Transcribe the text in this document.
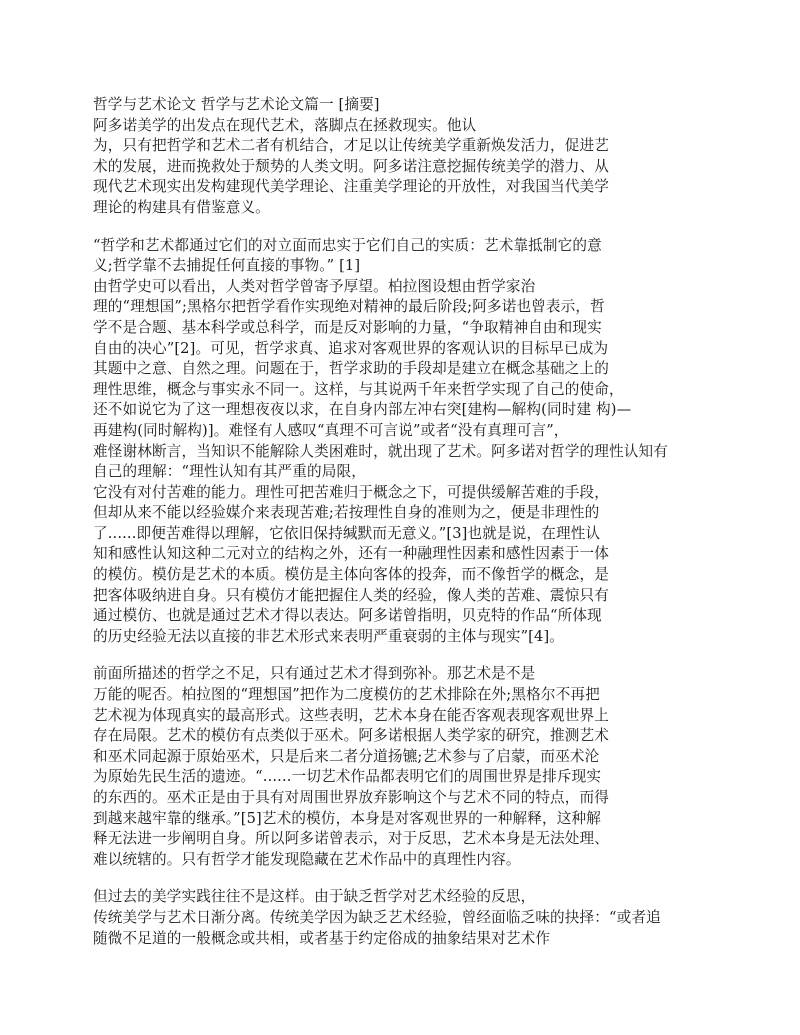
哲学与艺术论文 哲学与艺术论文篇一 [摘要]
阿多诺美学的出发点在现代艺术，落脚点在拯救现实。他认
为，只有把哲学和艺术二者有机结合，才足以让传统美学重新焕发活力，促进艺
术的发展，进而挽救处于颓势的人类文明。阿多诺注意挖掘传统美学的潜力、从
现代艺术现实出发构建现代美学理论、注重美学理论的开放性，对我国当代美学
理论的构建具有借鉴意义。
“哲学和艺术都通过它们的对立面而忠实于它们自己的实质：艺术靠抵制它的意
义;哲学靠不去捕捉任何直接的事物。” [1]
由哲学史可以看出，人类对哲学曾寄予厚望。柏拉图设想由哲学家治
理的“理想国”;黑格尔把哲学看作实现绝对精神的最后阶段;阿多诺也曾表示，哲
学不是合题、基本科学或总科学，而是反对影响的力量，“争取精神自由和现实
自由的决心”[2]。可见，哲学求真、追求对客观世界的客观认识的目标早已成为
其题中之意、自然之理。问题在于，哲学求助的手段却是建立在概念基础之上的
理性思维，概念与事实永不同一。这样，与其说两千年来哲学实现了自己的使命，
还不如说它为了这一理想夜夜以求，在自身内部左冲右突[建构—解构(同时建 构)—
再建构(同时解构)]。难怪有人感叹“真理不可言说”或者“没有真理可言”，
难怪谢林断言，当知识不能解除人类困难时，就出现了艺术。阿多诺对哲学的理性认知有
自己的理解：“理性认知有其严重的局限，
它没有对付苦难的能力。理性可把苦难归于概念之下，可提供缓解苦难的手段，
但却从来不能以经验媒介来表现苦难;若按理性自身的准则为之，便是非理性的
了......即便苦难得以理解，它依旧保持缄默而无意义。”[3]也就是说，在理性认
知和感性认知这种二元对立的结构之外，还有一种融理性因素和感性因素于一体
的模仿。模仿是艺术的本质。模仿是主体向客体的投奔，而不像哲学的概念，是
把客体吸纳进自身。只有模仿才能把握住人类的经验，像人类的苦难、震惊只有
通过模仿、也就是通过艺术才得以表达。阿多诺曾指明，贝克特的作品“所体现
的历史经验无法以直接的非艺术形式来表明严重衰弱的主体与现实”[4]。
前面所描述的哲学之不足，只有通过艺术才得到弥补。那艺术是不是
万能的呢否。柏拉图的“理想国”把作为二度模仿的艺术排除在外;黑格尔不再把
艺术视为体现真实的最高形式。这些表明，艺术本身在能否客观表现客观世界上
存在局限。艺术的模仿有点类似于巫术。阿多诺根据人类学家的研究，推测艺术
和巫术同起源于原始巫术，只是后来二者分道扬镳;艺术参与了启蒙，而巫术沦
为原始先民生活的遗迹。“......一切艺术作品都表明它们的周围世界是排斥现实
的东西的。巫术正是由于具有对周围世界放弃影响这个与艺术不同的特点，而得
到越来越牢靠的继承。”[5]艺术的模仿，本身是对客观世界的一种解释，这种解
释无法进一步阐明自身。所以阿多诺曾表示，对于反思，艺术本身是无法处理、
难以统辖的。只有哲学才能发现隐藏在艺术作品中的真理性内容。
但过去的美学实践往往不是这样。由于缺乏哲学对艺术经验的反思，
传统美学与艺术日渐分离。传统美学因为缺乏艺术经验，曾经面临乏味的抉择：“或者追
随微不足道的一般概念或共相，或者基于约定俗成的抽象结果对艺术作
